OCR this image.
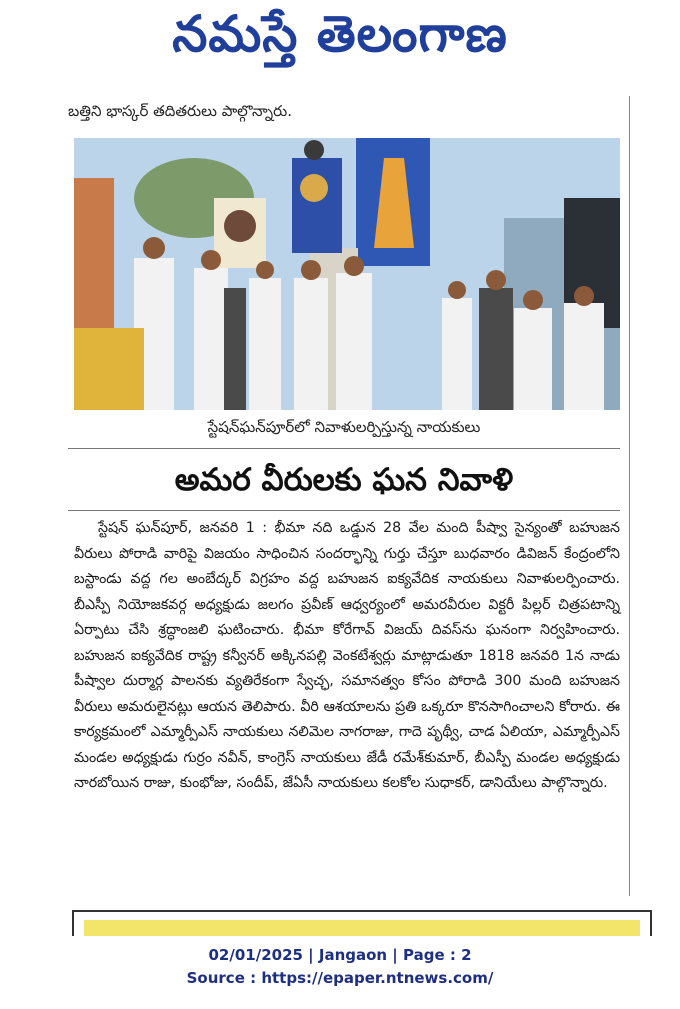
నమస్తే తెలంగాణ
బత్తిని భాస్కర్ తదితరులు పాల్గొన్నారు.
స్టేషన్‌ఘన్‌పూర్‌లో నివాళులర్పిస్తున్న నాయకులు
అమర వీరులకు ఘన నివాళి

స్టేషన్ ఘన్‌పూర్, జనవరి 1 : భీమా నది ఒడ్డున 28 వేల మంది పీష్వా సైన్యంతో బహుజన వీరులు పోరాడి వారిపై విజయం సాధించిన సందర్భాన్ని గుర్తు చేస్తూ బుధవారం డివిజన్ కేంద్రంలోని బస్టాండు వద్ద గల అంబేద్కర్ విగ్రహం వద్ద బహుజన ఐక్యవేదిక నాయకులు నివాళులర్పించారు. బీఎస్పీ నియోజకవర్గ అధ్యక్షుడు జలగం ప్రవీణ్ ఆధ్వర్యంలో అమరవీరుల విక్టరీ పిల్లర్ చిత్రపటాన్ని ఏర్పాటు చేసి శ్రద్ధాంజలి ఘటించారు. భీమా కోరేగావ్ విజయ్ దివస్‌ను ఘనంగా నిర్వహించారు. బహుజన ఐక్యవేదిక రాష్ట్ర కన్వీనర్ అక్కినపల్లి వెంకటేశ్వర్లు మాట్లాడుతూ 1818 జనవరి 1న నాడు పీష్వాల దుర్మార్గ పాలనకు వ్యతిరేకంగా స్వేచ్ఛ, సమానత్వం కోసం పోరాడి 300 మంది బహుజన వీరులు అమరులైనట్లు ఆయన తెలిపారు. వీరి ఆశయాలను ప్రతి ఒక్కరూ కొనసాగించాలని కోరారు. ఈ కార్యక్రమంలో ఎమ్మార్పీఎస్ నాయకులు నలిమెల నాగరాజు, గాదె పృథ్వీ, చాడ ఏలియా, ఎమ్మార్పీఎస్ మండల అధ్యక్షుడు గుర్రం నవీన్, కాంగ్రెస్ నాయకులు జేడీ రమేశ్‌కుమార్, బీఎస్పీ మండల అధ్యక్షుడు నారబోయిన రాజు, కుంభోజు, సందీప్, జేఏసీ నాయకులు కలకోల సుధాకర్, డానియేలు పాల్గొన్నారు.

02/01/2025 | Jangaon | Page : 2
Source : https://epaper.ntnews.com/
